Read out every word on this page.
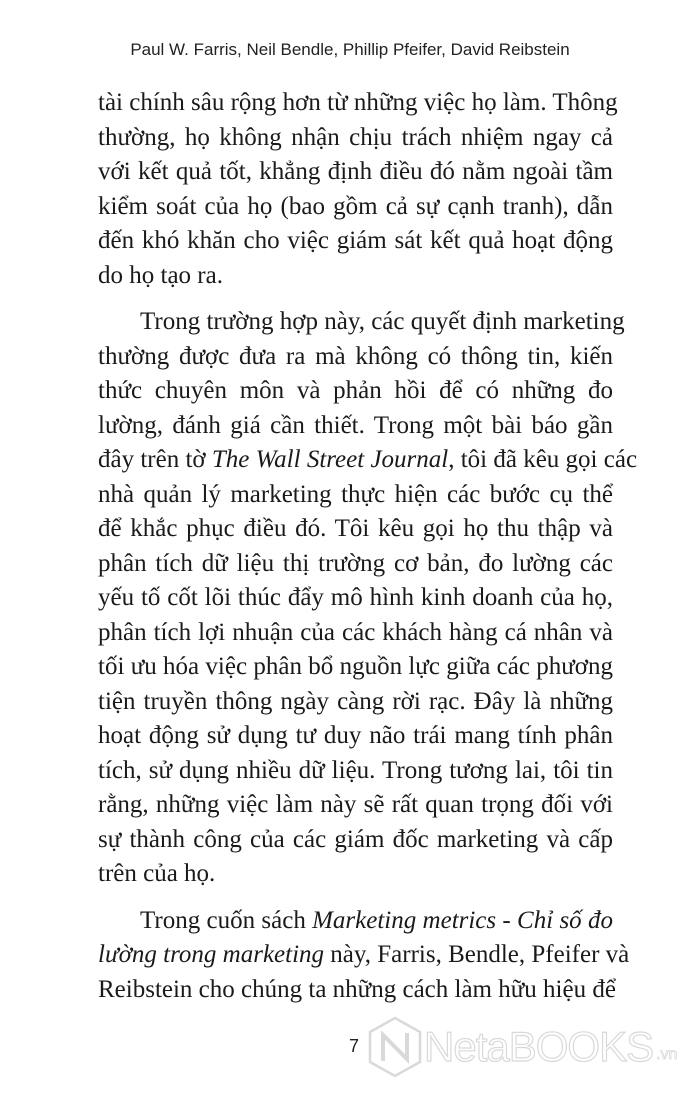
Paul W. Farris, Neil Bendle, Phillip Pfeifer, David Reibstein
tài chính sâu rộng hơn từ những việc họ làm. Thông
thường, họ không nhận chịu trách nhiệm ngay cả
với kết quả tốt, khẳng định điều đó nằm ngoài tầm
kiểm soát của họ (bao gồm cả sự cạnh tranh), dẫn
đến khó khăn cho việc giám sát kết quả hoạt động
do họ tạo ra.
Trong trường hợp này, các quyết định marketing
thường được đưa ra mà không có thông tin, kiến
thức chuyên môn và phản hồi để có những đo
lường, đánh giá cần thiết. Trong một bài báo gần
đây trên tờ The Wall Street Journal, tôi đã kêu gọi các
nhà quản lý marketing thực hiện các bước cụ thể
để khắc phục điều đó. Tôi kêu gọi họ thu thập và
phân tích dữ liệu thị trường cơ bản, đo lường các
yếu tố cốt lõi thúc đẩy mô hình kinh doanh của họ,
phân tích lợi nhuận của các khách hàng cá nhân và
tối ưu hóa việc phân bổ nguồn lực giữa các phương
tiện truyền thông ngày càng rời rạc. Đây là những
hoạt động sử dụng tư duy não trái mang tính phân
tích, sử dụng nhiều dữ liệu. Trong tương lai, tôi tin
rằng, những việc làm này sẽ rất quan trọng đối với
sự thành công của các giám đốc marketing và cấp
trên của họ.
Trong cuốn sách Marketing metrics - Chỉ số đo
lường trong marketing này, Farris, Bendle, Pfeifer và
Reibstein cho chúng ta những cách làm hữu hiệu để
7 NetaBOOKS .vn
